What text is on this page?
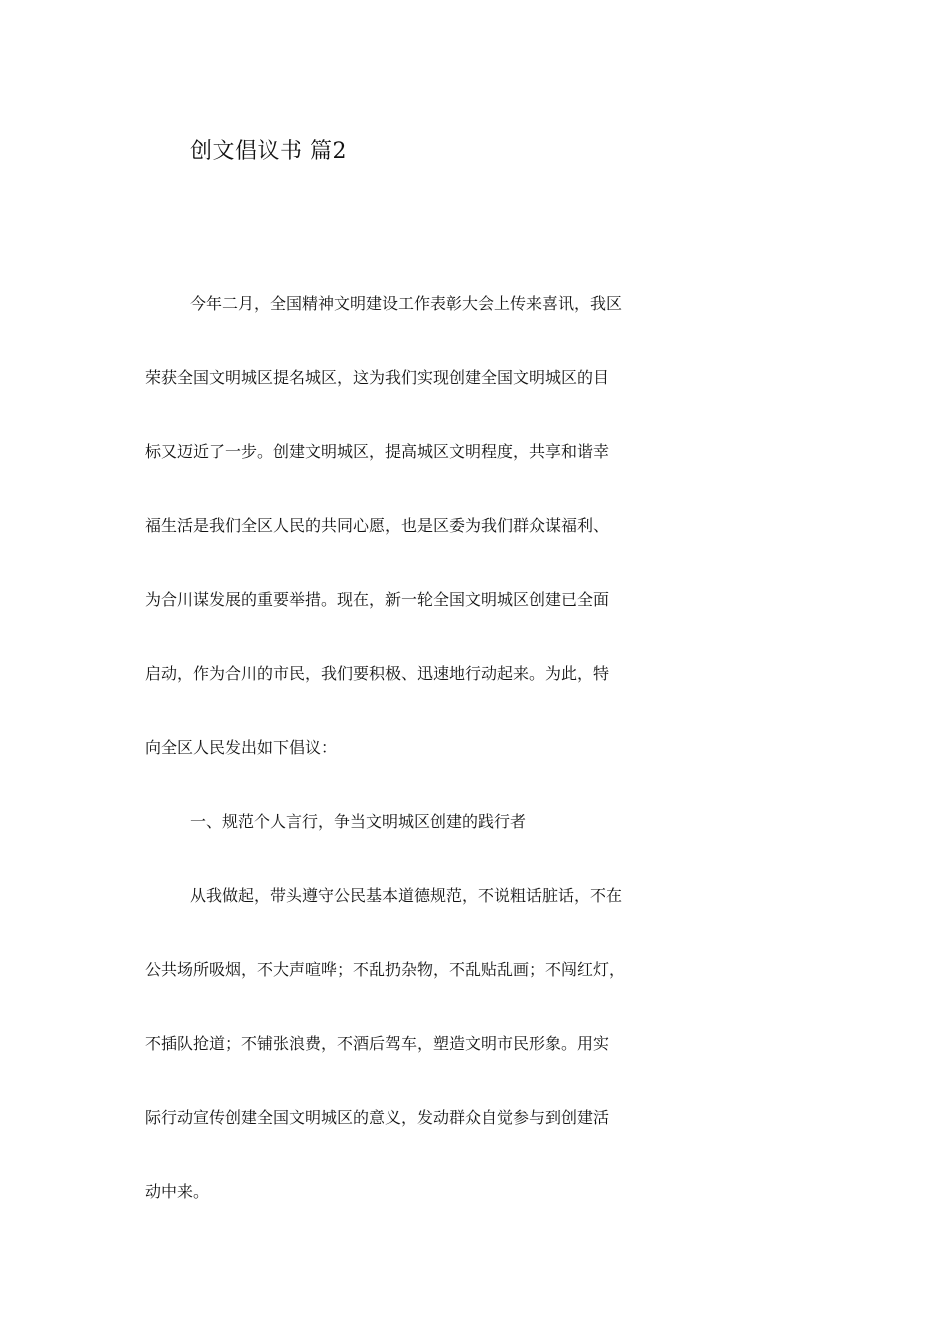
创文倡议书 篇2
今年二月，全国精神文明建设工作表彰大会上传来喜讯，我区
荣获全国文明城区提名城区，这为我们实现创建全国文明城区的目
标又迈近了一步。创建文明城区，提高城区文明程度，共享和谐幸
福生活是我们全区人民的共同心愿，也是区委为我们群众谋福利、
为合川谋发展的重要举措。现在，新一轮全国文明城区创建已全面
启动，作为合川的市民，我们要积极、迅速地行动起来。为此，特
向全区人民发出如下倡议：
一、规范个人言行，争当文明城区创建的践行者
从我做起，带头遵守公民基本道德规范，不说粗话脏话，不在
公共场所吸烟，不大声喧哗；不乱扔杂物，不乱贴乱画；不闯红灯，
不插队抢道；不铺张浪费，不酒后驾车，塑造文明市民形象。用实
际行动宣传创建全国文明城区的意义，发动群众自觉参与到创建活
动中来。
